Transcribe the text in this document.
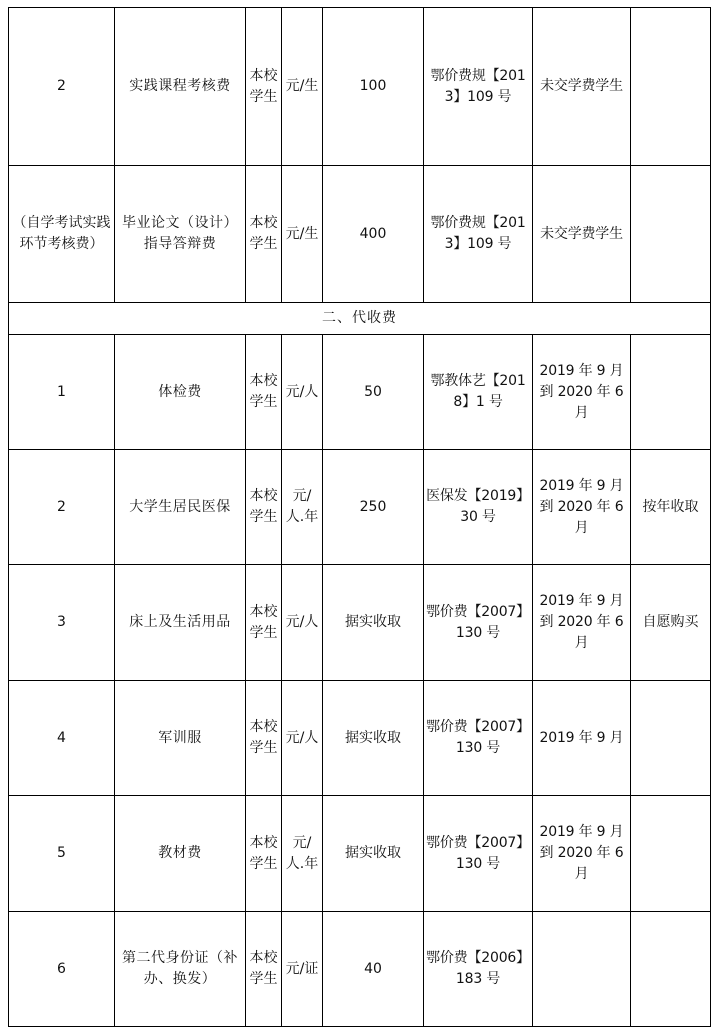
2	实践课程考核费	本校学生	元/生	100	鄂价费规【2013】109 号	未交学费学生	
（自学考试实践环节考核费）	毕业论文（设计）指导答辩费	本校学生	元/生	400	鄂价费规【2013】109 号	未交学费学生	
二、代收费							
1	体检费	本校学生	元/人	50	鄂教体艺【2018】1 号	2019 年 9 月到 2020 年 6 月	
2	大学生居民医保	本校学生	元/人.年	250	医保发【2019】30 号	2019 年 9 月到 2020 年 6 月	按年收取
3	床上及生活用品	本校学生	元/人	据实收取	鄂价费【2007】130 号	2019 年 9 月到 2020 年 6 月	自愿购买
4	军训服	本校学生	元/人	据实收取	鄂价费【2007】130 号	2019 年 9 月	
5	教材费	本校学生	元/人.年	据实收取	鄂价费【2007】130 号	2019 年 9 月到 2020 年 6 月	
6	第二代身份证（补办、换发）	本校学生	元/证	40	鄂价费【2006】183 号		
